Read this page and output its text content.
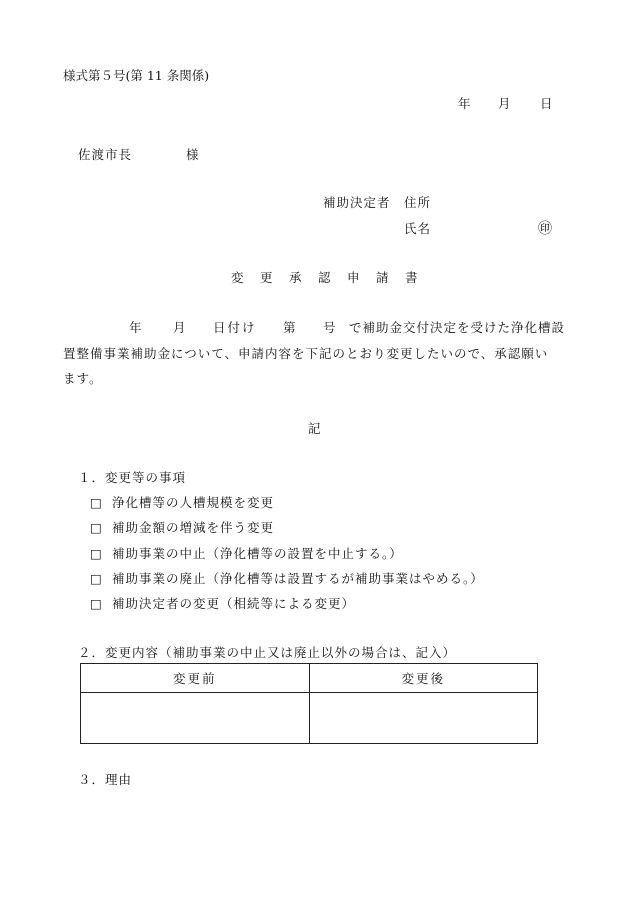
様式第５号(第 11 条関係)
年 月 日
佐渡市長	様
補助決定者 住所
氏名	㊞
変　更　承　認　申　請　書
年	月 日付け 第 号 で補助金交付決定を受けた浄化槽設
置整備事業補助金について、申請内容を下記のとおり変更したいので、承認願い
ます。
記
１．変更等の事項
□ 浄化槽等の人槽規模を変更
□ 補助金額の増減を伴う変更
□ 補助事業の中止（浄化槽等の設置を中止する。）
□ 補助事業の廃止（浄化槽等は設置するが補助事業はやめる。）
□ 補助決定者の変更（相続等による変更）
２．変更内容（補助事業の中止又は廃止以外の場合は、記入）
変更前	変更後

３．理由
